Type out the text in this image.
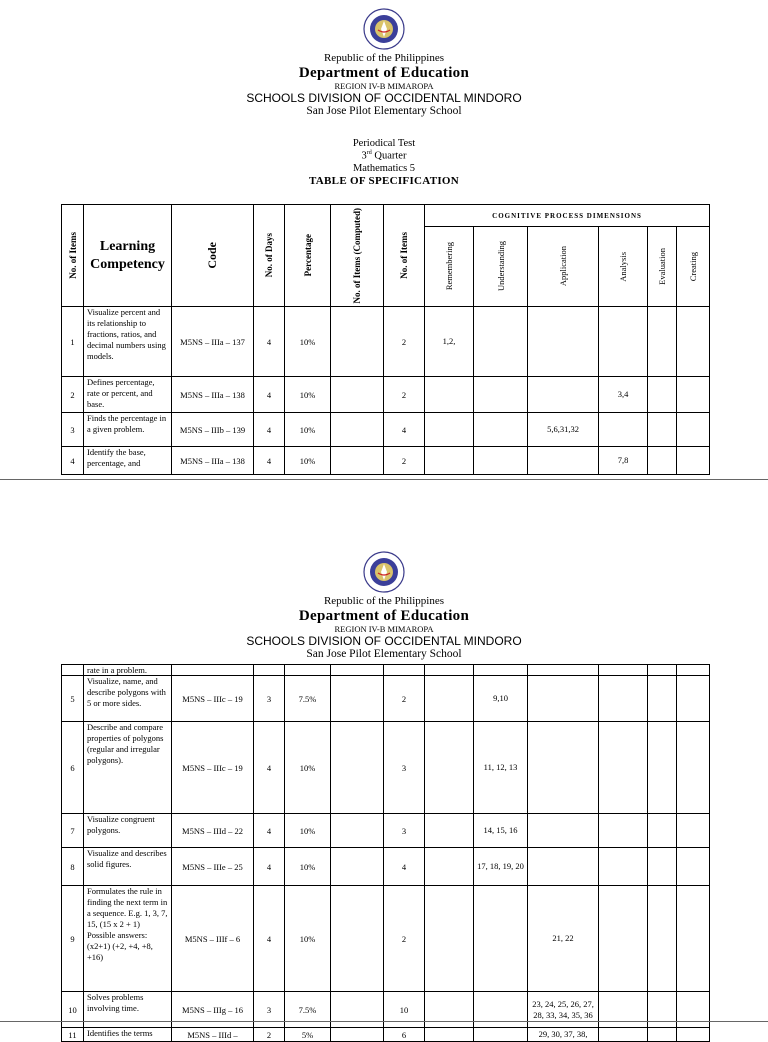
Republic of the Philippines
Department of Education
REGION IV-B MIMAROPA
SCHOOLS DIVISION OF OCCIDENTAL MINDORO
San Jose Pilot Elementary School
Periodical Test
3rd Quarter
Mathematics 5
TABLE OF SPECIFICATION
No. of Items	Learning Competency	Code	No. of Days	Percentage	No. of Items (Computed)	No. of Items	COGNITIVE PROCESS DIMENSIONS					

							Remembering	Understanding	Application	Analysis	Evaluation	Creating

1	Visualize percent and its relationship to fractions, ratios, and decimal numbers using models.	M5NS – IIIa – 137	4	10%		2	1,2,					
2	Defines percentage, rate or percent, and base.	M5NS – IIIa – 138	4	10%		2				3,4		
3	Finds the percentage in a given problem.	M5NS – IIIb – 139	4	10%		4			5,6,31,32			
4	Identify the base, percentage, and	M5NS – IIIa – 138	4	10%		2				7,8		
Republic of the Philippines
Department of Education
REGION IV-B MIMAROPA
SCHOOLS DIVISION OF OCCIDENTAL MINDORO
San Jose Pilot Elementary School
	rate in a problem.											
5	Visualize, name, and describe polygons with 5 or more sides.	M5NS – IIIc – 19	3	7.5%		2		9,10				
6	Describe and compare properties of polygons (regular and irregular polygons).	M5NS – IIIc – 19	4	10%		3		11, 12, 13				
7	Visualize congruent polygons.	M5NS – IIId – 22	4	10%		3		14, 15, 16				
8	Visualize and describes solid figures.	M5NS – IIIe – 25	4	10%		4		17, 18, 19, 20				
9	Formulates the rule in finding the next term in a sequence. E.g. 1, 3, 7, 15, (15 x 2 + 1) Possible answers: (x2+1) (+2, +4, +8, +16)	M5NS – IIIf – 6	4	10%		2			21, 22			
10	Solves problems involving time.	M5NS – IIIg – 16	3	7.5%		10			23, 24, 25, 26, 27, 28, 33, 34, 35, 36			
11	Identifies the terms	M5NS – IIId –	2	5%		6			29, 30, 37, 38,			
